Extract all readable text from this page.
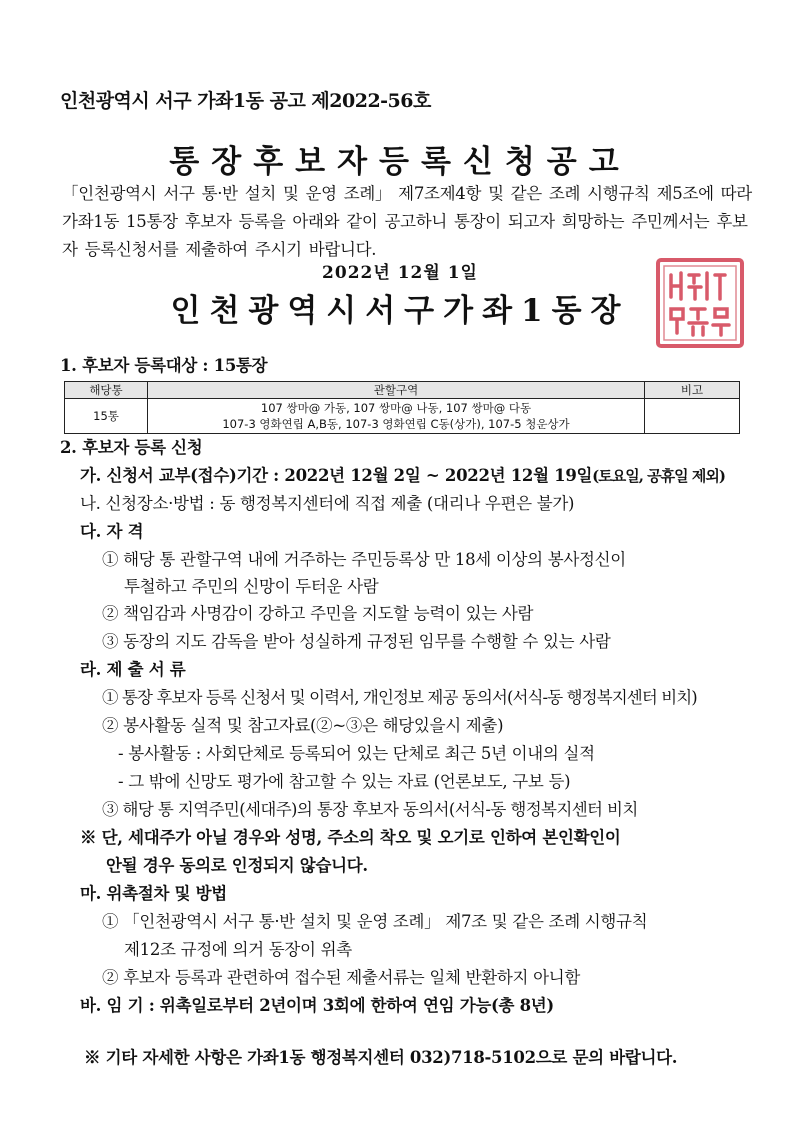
인천광역시 서구 가좌1동 공고 제2022-56호
통장후보자등록신청공고
「인천광역시 서구 통·반 설치 및 운영 조례」 제7조제4항 및 같은 조례 시행규칙 제5조에 따라 가좌1동 15통장 후보자 등록을 아래와 같이 공고하니 통장이 되고자 희망하는 주민께서는 후보자 등록신청서를 제출하여 주시기 바랍니다.
2022년 12월 1일
인천광역시서구가좌1동장
1. 후보자 등록대상 : 15통장
해당통	관할구역	비고
15통	107 쌍마@ 가동, 107 쌍마@ 나동, 107 쌍마@ 다동
107-3 영화연립 A,B동, 107-3 영화연립 C동(상가), 107-5 청운상가	

2. 후보자 등록 신청
가. 신청서 교부(접수)기간 : 2022년 12월 2일 ~ 2022년 12월 19일(토요일, 공휴일 제외)
나. 신청장소·방법 : 동 행정복지센터에 직접 제출 (대리나 우편은 불가)
다. 자 격
① 해당 통 관할구역 내에 거주하는 주민등록상 만 18세 이상의 봉사정신이
투철하고 주민의 신망이 두터운 사람
② 책임감과 사명감이 강하고 주민을 지도할 능력이 있는 사람
③ 동장의 지도 감독을 받아 성실하게 규정된 임무를 수행할 수 있는 사람
라. 제 출 서 류
① 통장 후보자 등록 신청서 및 이력서, 개인정보 제공 동의서(서식-동 행정복지센터 비치)
② 봉사활동 실적 및 참고자료(②~③은 해당있을시 제출)
- 봉사활동 : 사회단체로 등록되어 있는 단체로 최근 5년 이내의 실적
- 그 밖에 신망도 평가에 참고할 수 있는 자료 (언론보도, 구보 등)
③ 해당 통 지역주민(세대주)의 통장 후보자 동의서(서식-동 행정복지센터 비치
※ 단, 세대주가 아닐 경우와 성명, 주소의 착오 및 오기로 인하여 본인확인이
안될 경우 동의로 인정되지 않습니다.
마. 위촉절차 및 방법
① 「인천광역시 서구 통·반 설치 및 운영 조례」 제7조 및 같은 조례 시행규칙
제12조 규정에 의거 동장이 위촉
② 후보자 등록과 관련하여 접수된 제출서류는 일체 반환하지 아니함
바. 임 기 : 위촉일로부터 2년이며 3회에 한하여 연임 가능(총 8년)
※ 기타 자세한 사항은 가좌1동 행정복지센터 032)718-5102으로 문의 바랍니다.
